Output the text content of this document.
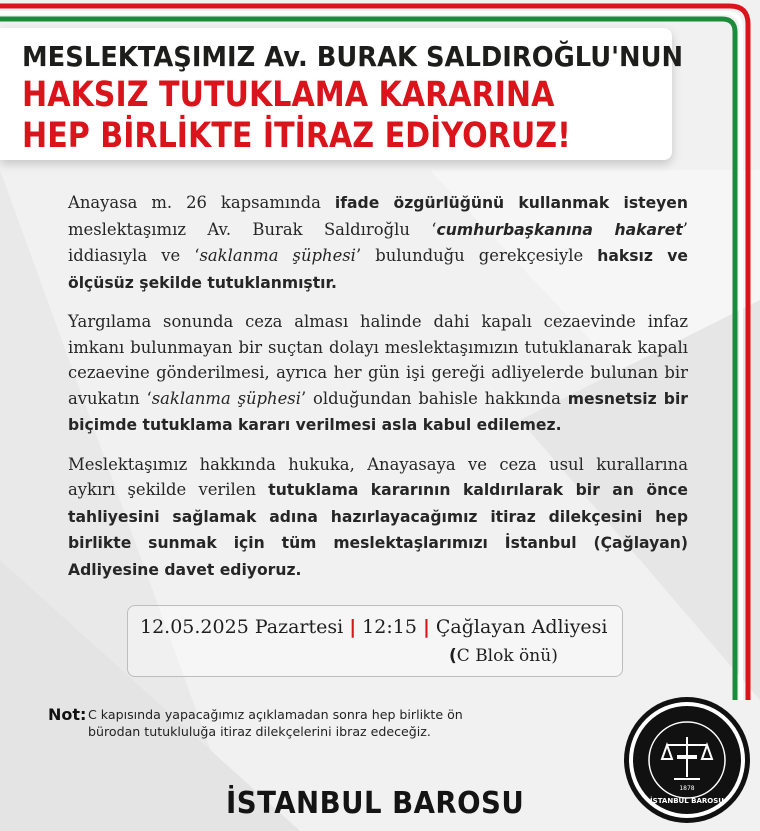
MESLEKTAŞIMIZ Av. BURAK SALDIROĞLU'NUN
HAKSIZ TUTUKLAMA KARARINA
HEP BİRLİKTE İTİRAZ EDİYORUZ!

Anayasa m. 26 kapsamında ifade özgürlüğünü kullanmak isteyen meslektaşımız Av. Burak Saldıroğlu ‘cumhurbaşkanına hakaret’ iddiasıyla ve ‘saklanma şüphesi’ bulunduğu gerekçesiyle haksız ve ölçüsüz şekilde tutuklanmıştır.

Yargılama sonunda ceza alması halinde dahi kapalı cezaevinde infaz imkanı bulunmayan bir suçtan dolayı meslektaşımızın tutuklanarak kapalı cezaevine gönderilmesi, ayrıca her gün işi gereği adliyelerde bulunan bir avukatın ‘saklanma şüphesi’ olduğundan bahisle hakkında mesnetsiz bir biçimde tutuklama kararı verilmesi asla kabul edilemez.

Meslektaşımız hakkında hukuka, Anayasaya ve ceza usul kurallarına aykırı şekilde verilen tutuklama kararının kaldırılarak bir an önce tahliyesini sağlamak adına hazırlayacağımız itiraz dilekçesini hep birlikte sunmak için tüm meslektaşlarımızı İstanbul (Çağlayan) Adliyesine davet ediyoruz.

12.05.2025 Pazartesi | 12:15 | Çağlayan Adliyesi
(C Blok önü)
Not: C kapısında yapacağımız açıklamadan sonra hep birlikte ön bürodan tutukluluğa itiraz dilekçelerini ibraz edeceğiz.
1878
İSTANBUL BAROSU
İSTANBUL BAROSU
